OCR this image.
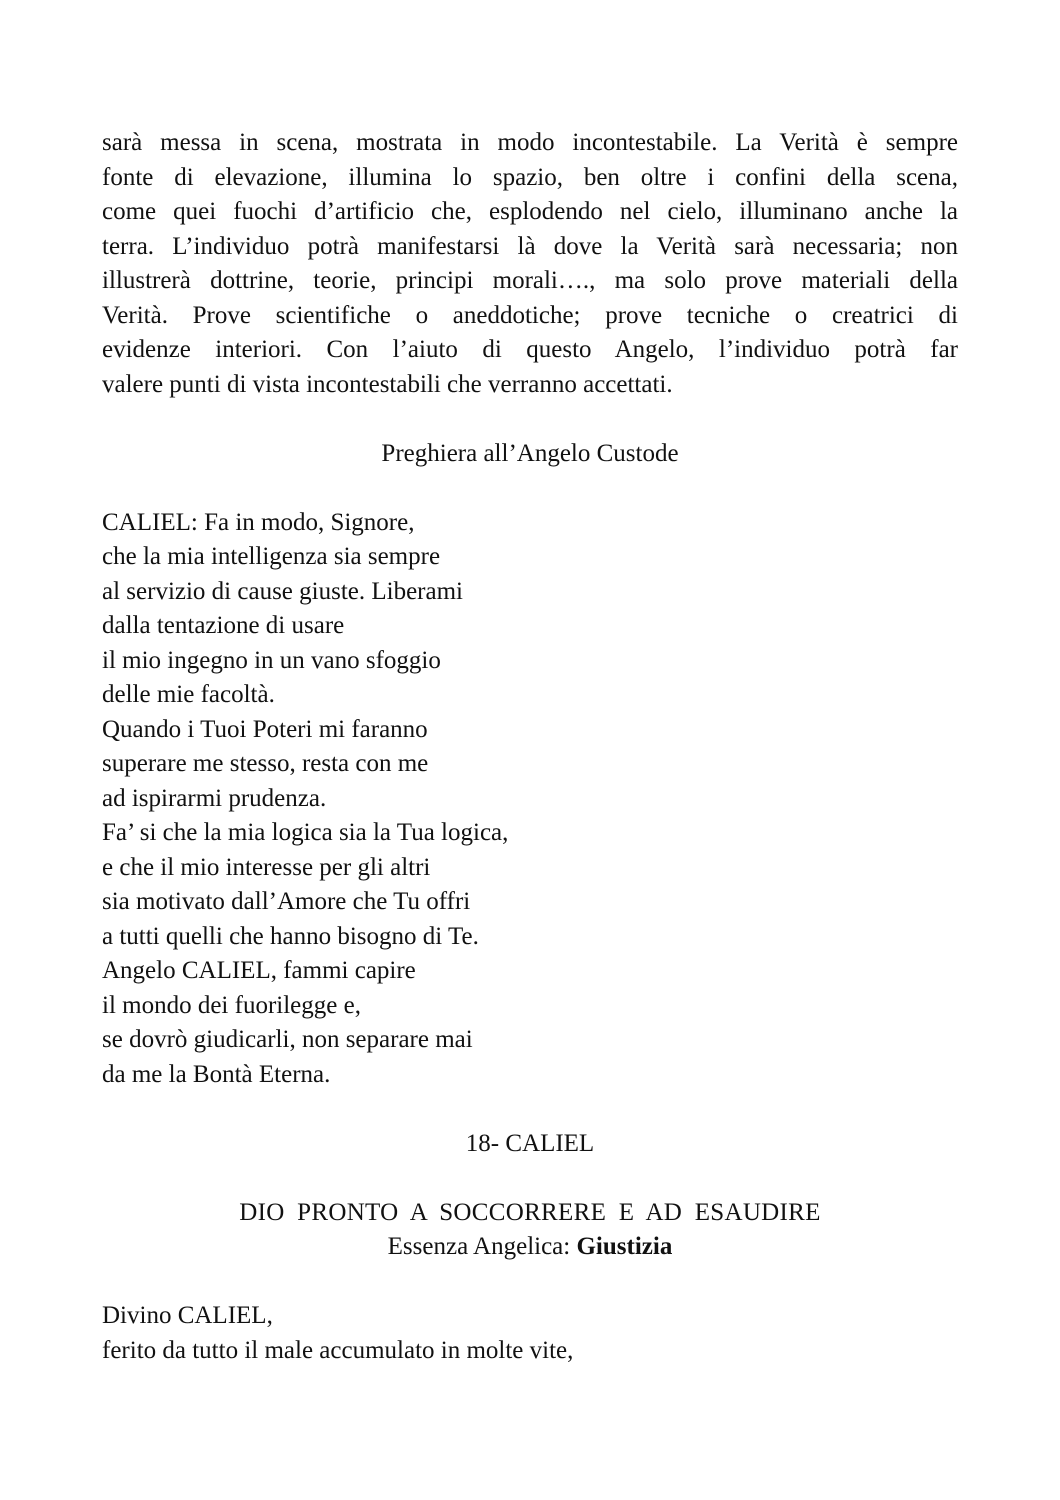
sarà messa in scena, mostrata in modo incontestabile. La Verità è sempre
fonte di elevazione, illumina lo spazio, ben oltre i confini della scena,
come quei fuochi d’artificio che, esplodendo nel cielo, illuminano anche la
terra. L’individuo potrà manifestarsi là dove la Verità sarà necessaria; non
illustrerà dottrine, teorie, principi morali…., ma solo prove materiali della
Verità. Prove scientifiche o aneddotiche; prove tecniche o creatrici di
evidenze interiori. Con l’aiuto di questo Angelo, l’individuo potrà far
valere punti di vista incontestabili che verranno accettati.

Preghiera all’Angelo Custode

CALIEL: Fa in modo, Signore,
che la mia intelligenza sia sempre
al servizio di cause giuste. Liberami
dalla tentazione di usare
il mio ingegno in un vano sfoggio
delle mie facoltà.
Quando i Tuoi Poteri mi faranno
superare me stesso, resta con me
ad ispirarmi prudenza.
Fa’ si che la mia logica sia la Tua logica,
e che il mio interesse per gli altri
sia motivato dall’Amore che Tu offri
a tutti quelli che hanno bisogno di Te.
Angelo CALIEL, fammi capire
il mondo dei fuorilegge e,
se dovrò giudicarli, non separare mai
da me la Bontà Eterna.

18- CALIEL

DIO PRONTO A SOCCORRERE E AD ESAUDIRE

Essenza Angelica: Giustizia

Divino CALIEL,
ferito da tutto il male accumulato in molte vite,
